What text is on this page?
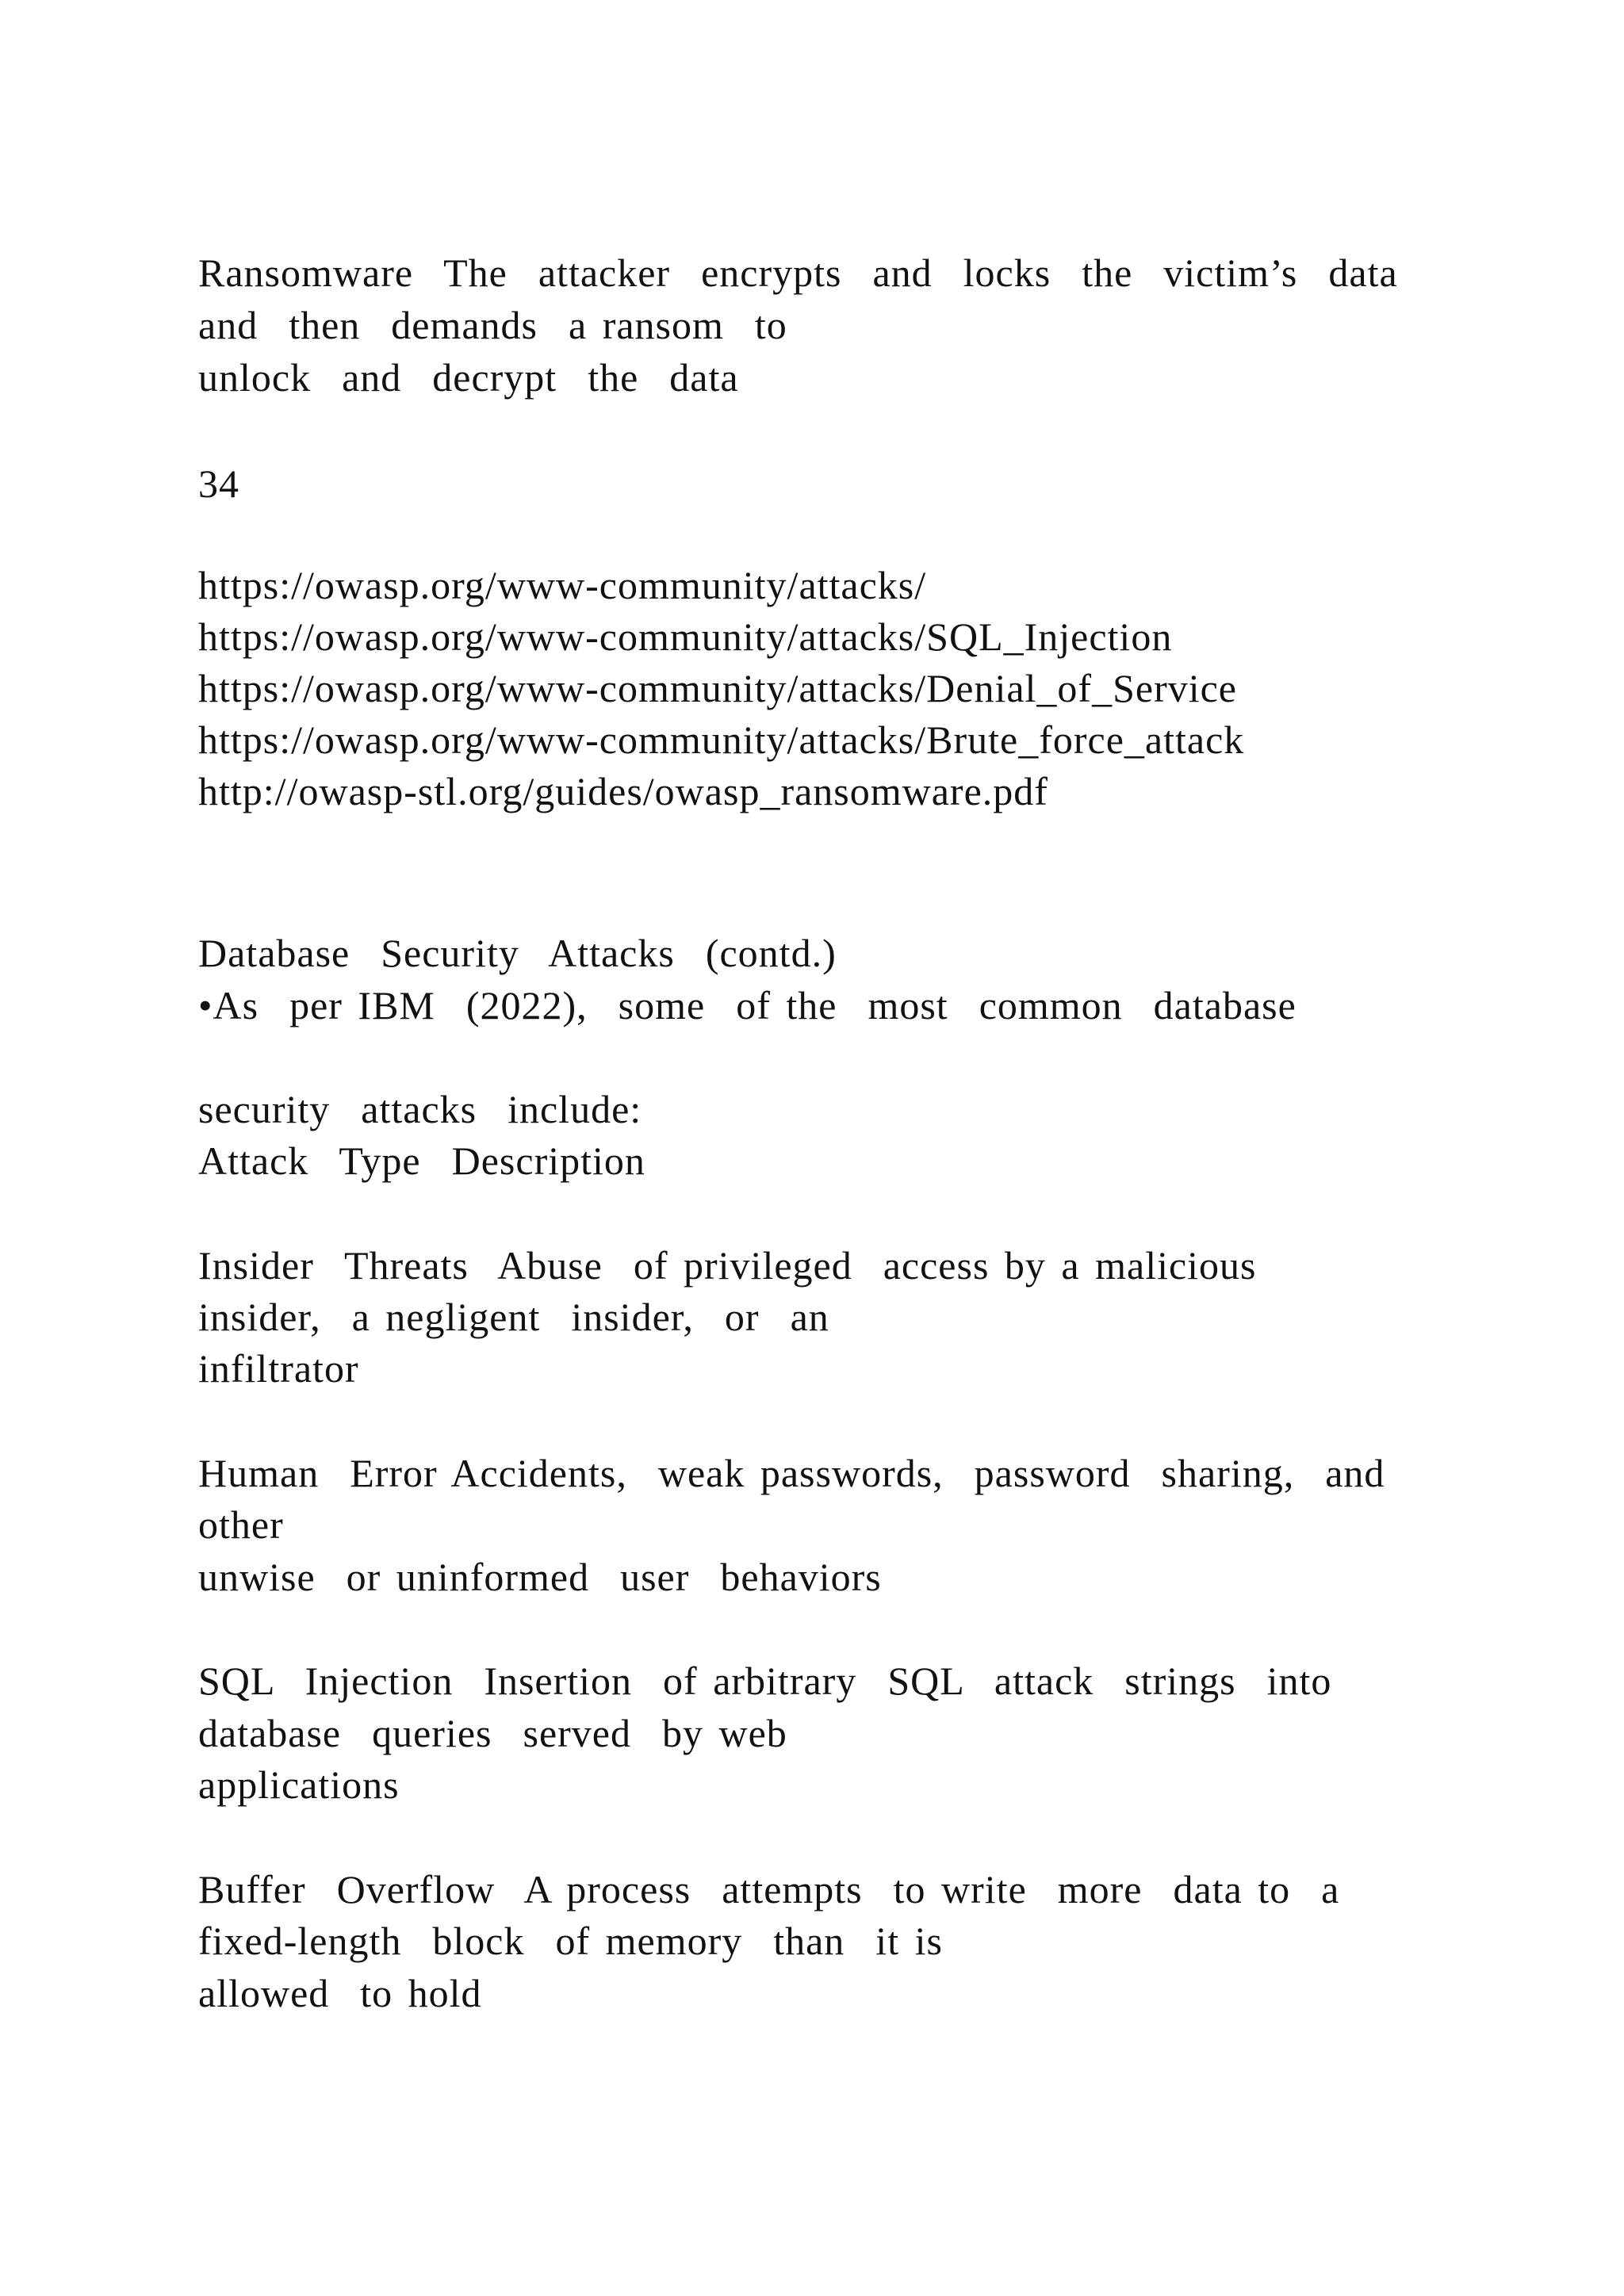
Ransomware  The  attacker  encrypts  and  locks  the  victim’s  data
and  then  demands  a ransom  to
unlock  and  decrypt  the  data
34
https://owasp.org/www-community/attacks/
https://owasp.org/www-community/attacks/SQL_Injection
https://owasp.org/www-community/attacks/Denial_of_Service
https://owasp.org/www-community/attacks/Brute_force_attack
http://owasp-stl.org/guides/owasp_ransomware.pdf
Database  Security  Attacks  (contd.)
•As  per IBM  (2022),  some  of the  most  common  database
security  attacks  include:
Attack  Type  Description
Insider  Threats  Abuse  of privileged  access by a malicious
insider,  a negligent  insider,  or  an
infiltrator
Human  Error Accidents,  weak passwords,  password  sharing,  and
other
unwise  or uninformed  user  behaviors
SQL  Injection  Insertion  of arbitrary  SQL  attack  strings  into
database  queries  served  by web
applications
Buffer  Overflow  A process  attempts  to write  more  data to  a
fixed-length  block  of memory  than  it is
allowed  to hold
